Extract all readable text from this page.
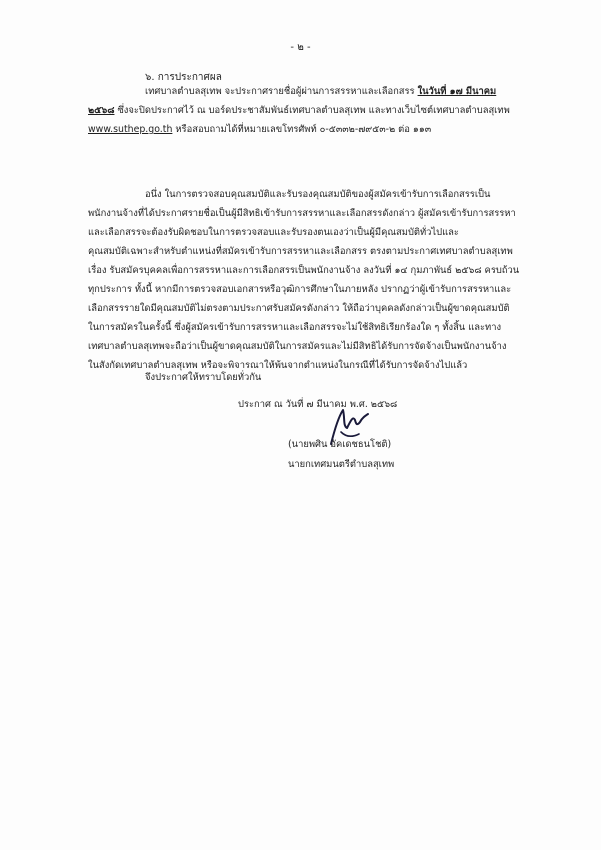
- ๒ -
๖. การประกาศผล
เทศบาลตำบลสุเทพ จะประกาศรายชื่อผู้ผ่านการสรรหาและเลือกสรร ในวันที่ ๑๗ มีนาคม
๒๕๖๘ ซึ่งจะปิดประกาศไว้ ณ บอร์ดประชาสัมพันธ์เทศบาลตำบลสุเทพ และทางเว็บไซต์เทศบาลตำบลสุเทพ
www.suthep.go.th หรือสอบถามได้ที่หมายเลขโทรศัพท์ ๐-๕๓๓๒-๗๙๕๓-๒ ต่อ ๑๑๓
อนึ่ง ในการตรวจสอบคุณสมบัติและรับรองคุณสมบัติของผู้สมัครเข้ารับการเลือกสรรเป็น
พนักงานจ้างที่ได้ประกาศรายชื่อเป็นผู้มีสิทธิเข้ารับการสรรหาและเลือกสรรดังกล่าว ผู้สมัครเข้ารับการสรรหา
และเลือกสรรจะต้องรับผิดชอบในการตรวจสอบและรับรองตนเองว่าเป็นผู้มีคุณสมบัติทั่วไปและ
คุณสมบัติเฉพาะสำหรับตำแหน่งที่สมัครเข้ารับการสรรหาและเลือกสรร ตรงตามประกาศเทศบาลตำบลสุเทพ
เรื่อง รับสมัครบุคคลเพื่อการสรรหาและการเลือกสรรเป็นพนักงานจ้าง ลงวันที่ ๑๔ กุมภาพันธ์ ๒๕๖๘ ครบถ้วน
ทุกประการ ทั้งนี้ หากมีการตรวจสอบเอกสารหรือวุฒิการศึกษาในภายหลัง ปรากฏว่าผู้เข้ารับการสรรหาและ
เลือกสรรรายใดมีคุณสมบัติไม่ตรงตามประกาศรับสมัครดังกล่าว ให้ถือว่าบุคคลดังกล่าวเป็นผู้ขาดคุณสมบัติ
ในการสมัครในครั้งนี้ ซึ่งผู้สมัครเข้ารับการสรรหาและเลือกสรรจะไม่ใช้สิทธิเรียกร้องใด ๆ ทั้งสิ้น และทาง
เทศบาลตำบลสุเทพจะถือว่าเป็นผู้ขาดคุณสมบัติในการสมัครและไม่มีสิทธิได้รับการจัดจ้างเป็นพนักงานจ้าง
ในสังกัดเทศบาลตำบลสุเทพ หรือจะพิจารณาให้พ้นจากตำแหน่งในกรณีที่ได้รับการจัดจ้างไปแล้ว
จึงประกาศให้ทราบโดยทั่วกัน
ประกาศ ณ วันที่ ๗ มีนาคม พ.ศ. ๒๕๖๘
(นายพศิน อัคเดชธนโชติ)
นายกเทศมนตรีตำบลสุเทพ
